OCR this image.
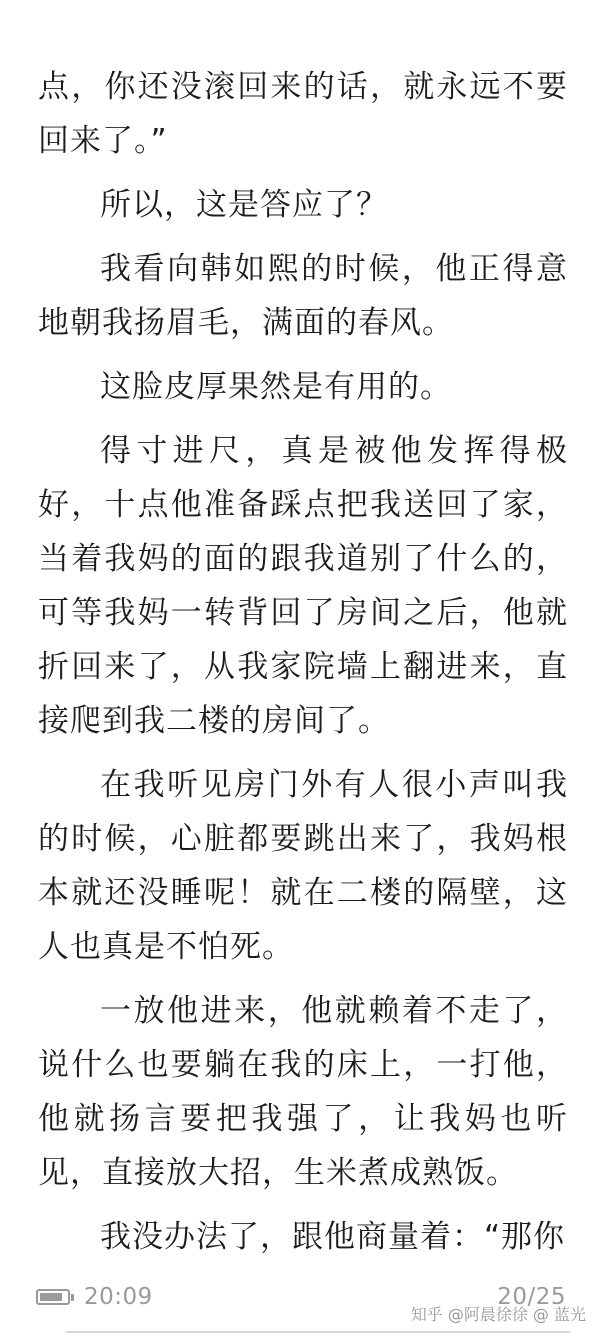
点，你还没滚回来的话，就永远不要回来了。”

所以，这是答应了？

我看向韩如熙的时候，他正得意地朝我扬眉毛，满面的春风。

这脸皮厚果然是有用的。

得寸进尺，真是被他发挥得极好，十点他准备踩点把我送回了家，当着我妈的面的跟我道别了什么的，可等我妈一转背回了房间之后，他就折回来了，从我家院墙上翻进来，直接爬到我二楼的房间了。

在我听见房门外有人很小声叫我的时候，心脏都要跳出来了，我妈根本就还没睡呢！就在二楼的隔壁，这人也真是不怕死。

一放他进来，他就赖着不走了，说什么也要躺在我的床上，一打他，他就扬言要把我强了，让我妈也听见，直接放大招，生米煮成熟饭。

我没办法了，跟他商量着：“那你

20:09	20/25
知乎 @阿晨徐徐 @ 蓝光
